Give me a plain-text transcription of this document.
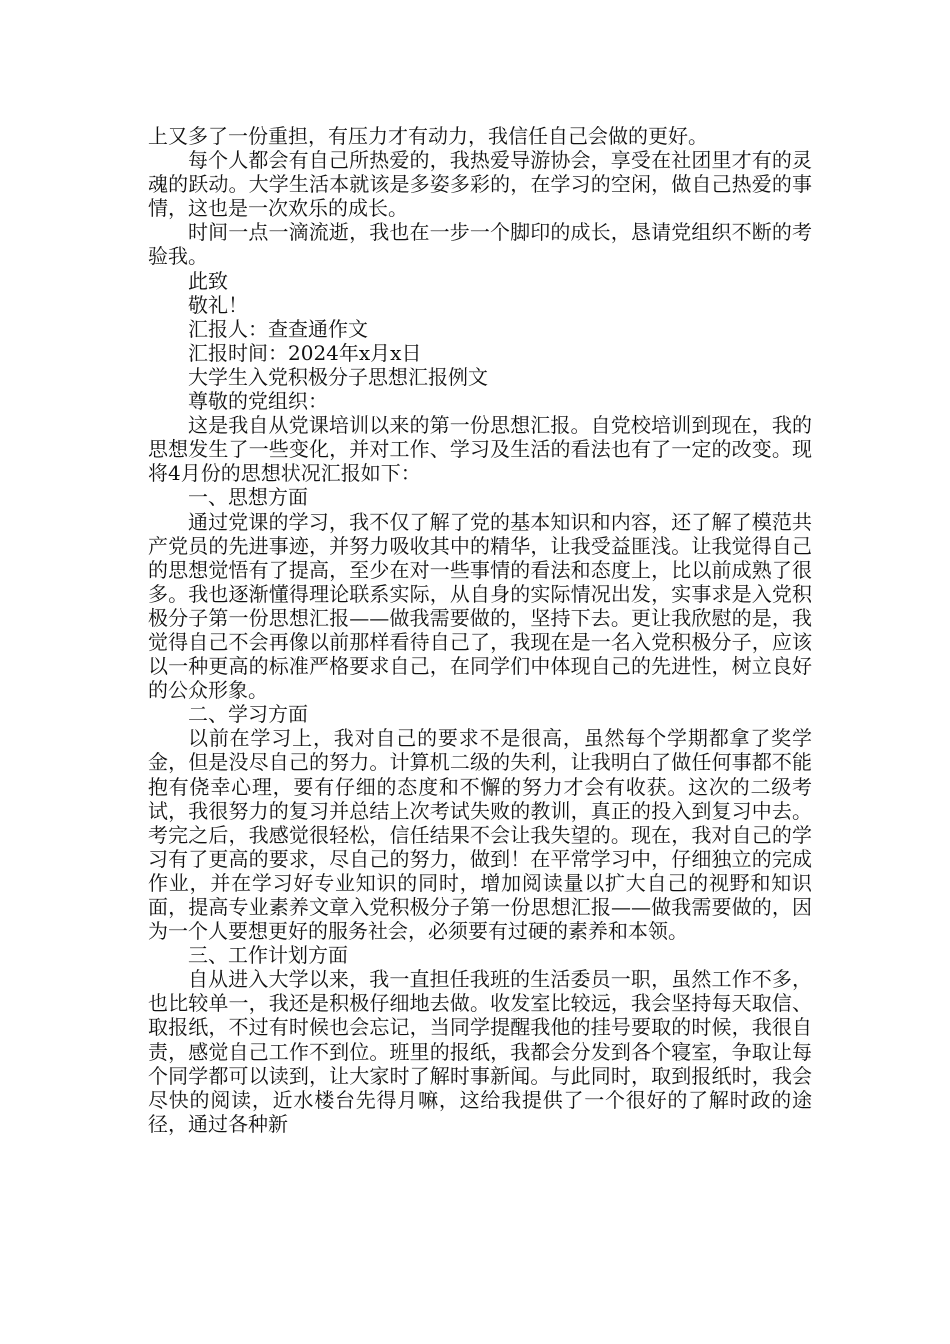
上又多了一份重担，有压力才有动力，我信任自己会做的更好。

每个人都会有自己所热爱的，我热爱导游协会，享受在社团里才有的灵魂的跃动。大学生活本就该是多姿多彩的，在学习的空闲，做自己热爱的事情，这也是一次欢乐的成长。

时间一点一滴流逝，我也在一步一个脚印的成长，恳请党组织不断的考验我。

此致

敬礼！

汇报人：查查通作文

汇报时间：2024年x月x日

大学生入党积极分子思想汇报例文

尊敬的党组织：

这是我自从党课培训以来的第一份思想汇报。自党校培训到现在，我的思想发生了一些变化，并对工作、学习及生活的看法也有了一定的改变。现将4月份的思想状况汇报如下：

一、思想方面

通过党课的学习，我不仅了解了党的基本知识和内容，还了解了模范共产党员的先进事迹，并努力吸收其中的精华，让我受益匪浅。让我觉得自己的思想觉悟有了提高，至少在对一些事情的看法和态度上，比以前成熟了很多。我也逐渐懂得理论联系实际，从自身的实际情况出发，实事求是入党积极分子第一份思想汇报——做我需要做的，坚持下去。更让我欣慰的是，我觉得自己不会再像以前那样看待自己了，我现在是一名入党积极分子，应该以一种更高的标准严格要求自己，在同学们中体现自己的先进性，树立良好的公众形象。

二、学习方面

以前在学习上，我对自己的要求不是很高，虽然每个学期都拿了奖学金，但是没尽自己的努力。计算机二级的失利，让我明白了做任何事都不能抱有侥幸心理，要有仔细的态度和不懈的努力才会有收获。这次的二级考试，我很努力的复习并总结上次考试失败的教训，真正的投入到复习中去。考完之后，我感觉很轻松，信任结果不会让我失望的。现在，我对自己的学习有了更高的要求，尽自己的努力，做到！在平常学习中，仔细独立的完成作业，并在学习好专业知识的同时，增加阅读量以扩大自己的视野和知识面，提高专业素养文章入党积极分子第一份思想汇报——做我需要做的，因为一个人要想更好的服务社会，必须要有过硬的素养和本领。

三、工作计划方面

自从进入大学以来，我一直担任我班的生活委员一职，虽然工作不多，也比较单一，我还是积极仔细地去做。收发室比较远，我会坚持每天取信、取报纸，不过有时候也会忘记，当同学提醒我他的挂号要取的时候，我很自责，感觉自己工作不到位。班里的报纸，我都会分发到各个寝室，争取让每个同学都可以读到，让大家时了解时事新闻。与此同时，取到报纸时，我会尽快的阅读，近水楼台先得月嘛，这给我提供了一个很好的了解时政的途径，通过各种新
